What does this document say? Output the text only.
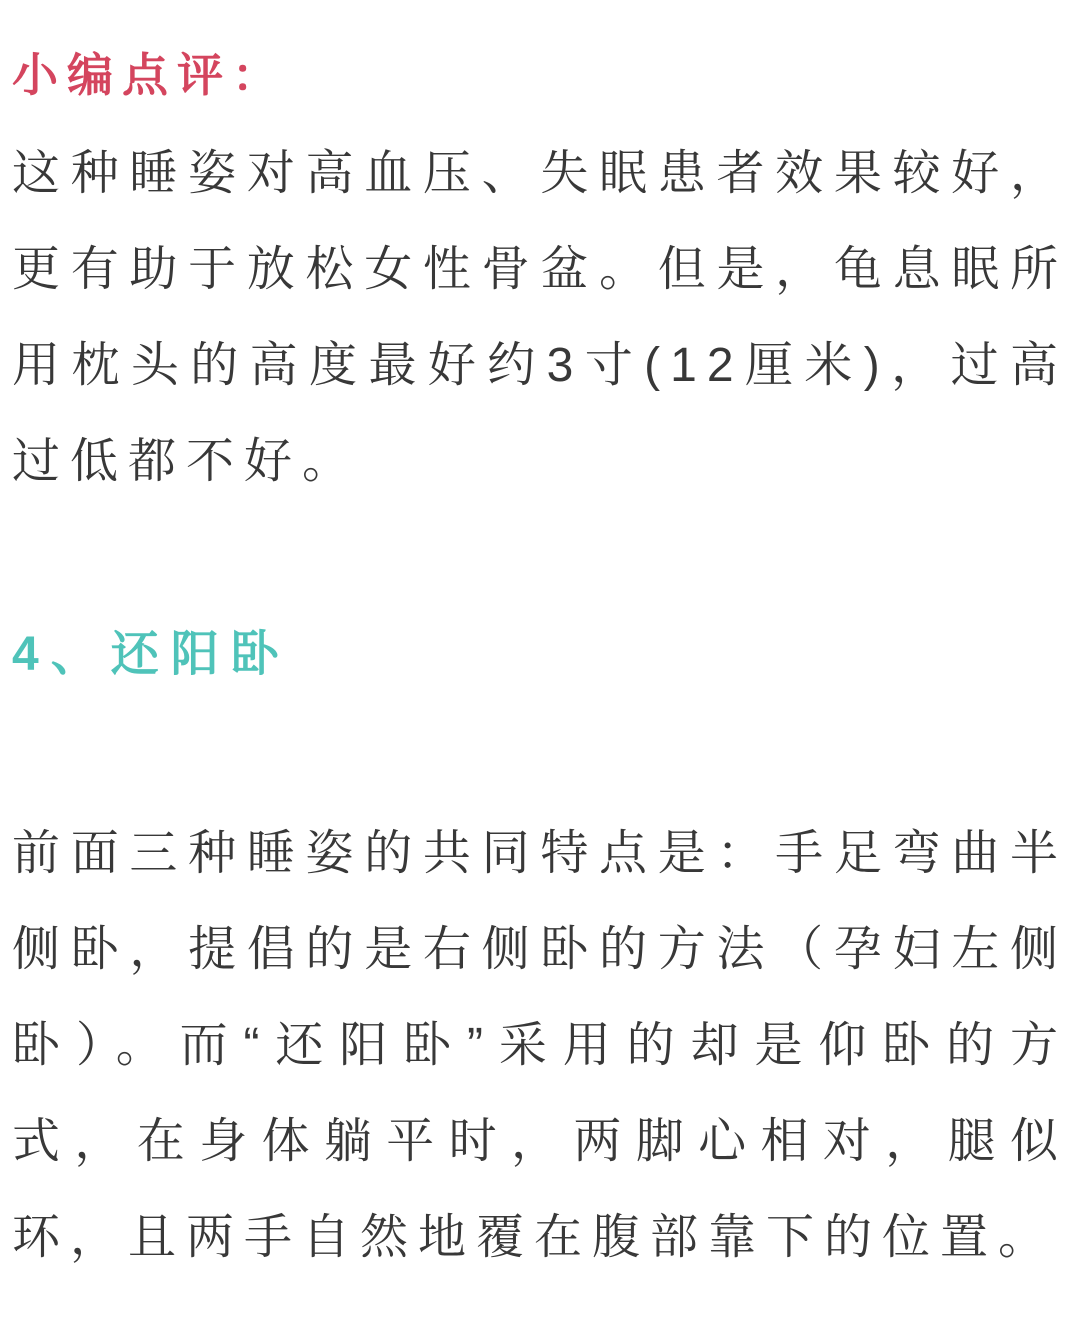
小编点评：
这种睡姿对高血压、失眠患者效果较好，更有助于放松女性骨盆。但是，龟息眠所用枕头的高度最好约3寸(12厘米)，过高过低都不好。
4、还阳卧
前面三种睡姿的共同特点是：手足弯曲半侧卧，提倡的是右侧卧的方法（孕妇左侧卧）。而“还阳卧”采用的却是仰卧的方式，在身体躺平时，两脚心相对，腿似环，且两手自然地覆在腹部靠下的位置。
